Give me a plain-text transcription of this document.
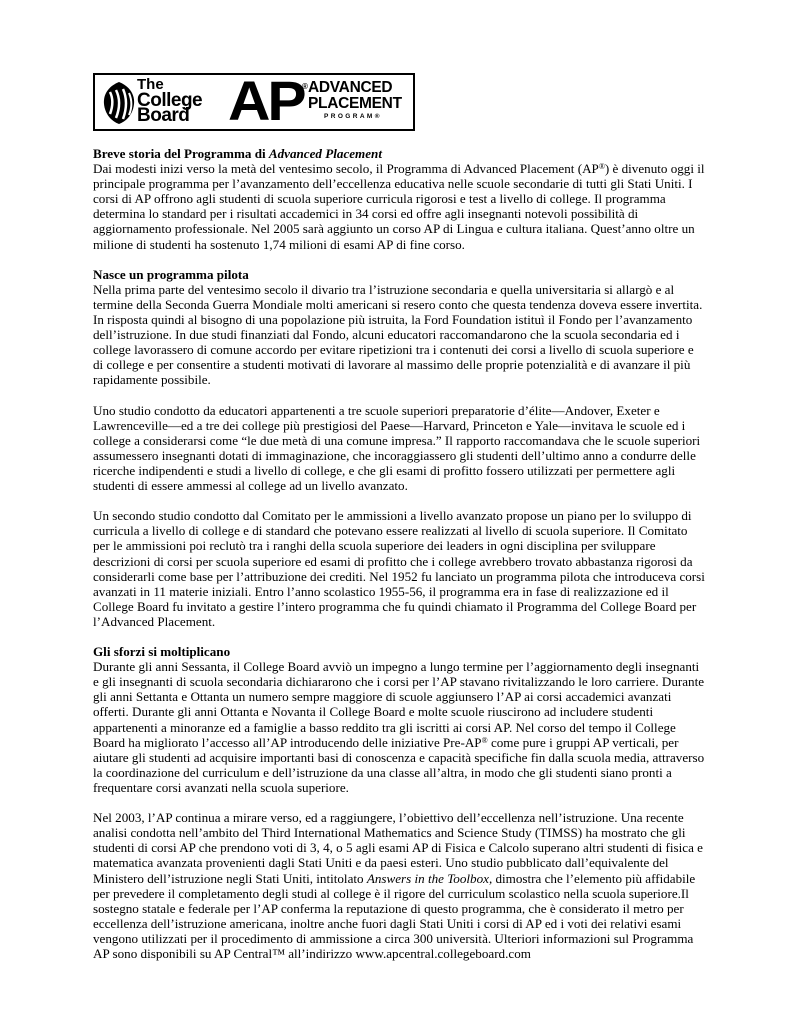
The
College
Board AP
® ADVANCED
PLACEMENT
PROGRAM®
Breve storia del Programma di Advanced Placement

Dai modesti inizi verso la metà del ventesimo secolo, il Programma di Advanced Placement (AP®) è divenuto oggi il principale programma per l’avanzamento dell’eccellenza educativa nelle scuole secondarie di tutti gli Stati Uniti. I corsi di AP offrono agli studenti di scuola superiore curricula rigorosi e test a livello di college. Il programma determina lo standard per i risultati accademici in 34 corsi ed offre agli insegnanti notevoli possibilità di aggiornamento professionale. Nel 2005 sarà aggiunto un corso AP di Lingua e cultura italiana. Quest’anno oltre un milione di studenti ha sostenuto 1,74 milioni di esami AP di fine corso.

Nasce un programma pilota

Nella prima parte del ventesimo secolo il divario tra l’istruzione secondaria e quella universitaria si allargò e al termine della Seconda Guerra Mondiale molti americani si resero conto che questa tendenza doveva essere invertita. In risposta quindi al bisogno di una popolazione più istruita, la Ford Foundation istituì il Fondo per l’avanzamento dell’istruzione. In due studi finanziati dal Fondo, alcuni educatori raccomandarono che la scuola secondaria ed i college lavorassero di comune accordo per evitare ripetizioni tra i contenuti dei corsi a livello di scuola superiore e di college e per consentire a studenti motivati di lavorare al massimo delle proprie potenzialità e di avanzare il più rapidamente possibile.

Uno studio condotto da educatori appartenenti a tre scuole superiori preparatorie d’élite—Andover, Exeter e Lawrenceville—ed a tre dei college più prestigiosi del Paese—Harvard, Princeton e Yale—invitava le scuole ed i college a considerarsi come “le due metà di una comune impresa.” Il rapporto raccomandava che le scuole superiori assumessero insegnanti dotati di immaginazione, che incoraggiassero gli studenti dell’ultimo anno a condurre delle ricerche indipendenti e studi a livello di college, e che gli esami di profitto fossero utilizzati per permettere agli studenti di essere ammessi al college ad un livello avanzato.

Un secondo studio condotto dal Comitato per le ammissioni a livello avanzato propose un piano per lo sviluppo di curricula a livello di college e di standard che potevano essere realizzati al livello di scuola superiore. Il Comitato per le ammissioni poi reclutò tra i ranghi della scuola superiore dei leaders in ogni disciplina per sviluppare descrizioni di corsi per scuola superiore ed esami di profitto che i college avrebbero trovato abbastanza rigorosi da considerarli come base per l’attribuzione dei crediti. Nel 1952 fu lanciato un programma pilota che introduceva corsi avanzati in 11 materie iniziali. Entro l’anno scolastico 1955-56, il programma era in fase di realizzazione ed il College Board fu invitato a gestire l’intero programma che fu quindi chiamato il Programma del College Board per l’Advanced Placement.

Gli sforzi si moltiplicano

Durante gli anni Sessanta, il College Board avviò un impegno a lungo termine per l’aggiornamento degli insegnanti e gli insegnanti di scuola secondaria dichiararono che i corsi per l’AP stavano rivitalizzando le loro carriere. Durante gli anni Settanta e Ottanta un numero sempre maggiore di scuole aggiunsero l’AP ai corsi accademici avanzati offerti. Durante gli anni Ottanta e Novanta il College Board e molte scuole riuscirono ad includere studenti appartenenti a minoranze ed a famiglie a basso reddito tra gli iscritti ai corsi AP. Nel corso del tempo il College Board ha migliorato l’accesso all’AP introducendo delle iniziative Pre-AP® come pure i gruppi AP verticali, per aiutare gli studenti ad acquisire importanti basi di conoscenza e capacità specifiche fin dalla scuola media, attraverso la coordinazione del curriculum e dell’istruzione da una classe all’altra, in modo che gli studenti siano pronti a frequentare corsi avanzati nella scuola superiore.

Nel 2003, l’AP continua a mirare verso, ed a raggiungere, l’obiettivo dell’eccellenza nell’istruzione. Una recente analisi condotta nell’ambito del Third International Mathematics and Science Study (TIMSS) ha mostrato che gli studenti di corsi AP che prendono voti di 3, 4, o 5 agli esami AP di Fisica e Calcolo superano altri studenti di fisica e matematica avanzata provenienti dagli Stati Uniti e da paesi esteri. Uno studio pubblicato dall’equivalente del Ministero dell’istruzione negli Stati Uniti, intitolato Answers in the Toolbox, dimostra che l’elemento più affidabile per prevedere il completamento degli studi al college è il rigore del curriculum scolastico nella scuola superiore.Il sostegno statale e federale per l’AP conferma la reputazione di questo programma, che è considerato il metro per eccellenza dell’istruzione americana, inoltre anche fuori dagli Stati Uniti i corsi di AP ed i voti dei relativi esami vengono utilizzati per il procedimento di ammissione a circa 300 università. Ulteriori informazioni sul Programma AP sono disponibili su AP Central™ all’indirizzo www.apcentral.collegeboard.com
